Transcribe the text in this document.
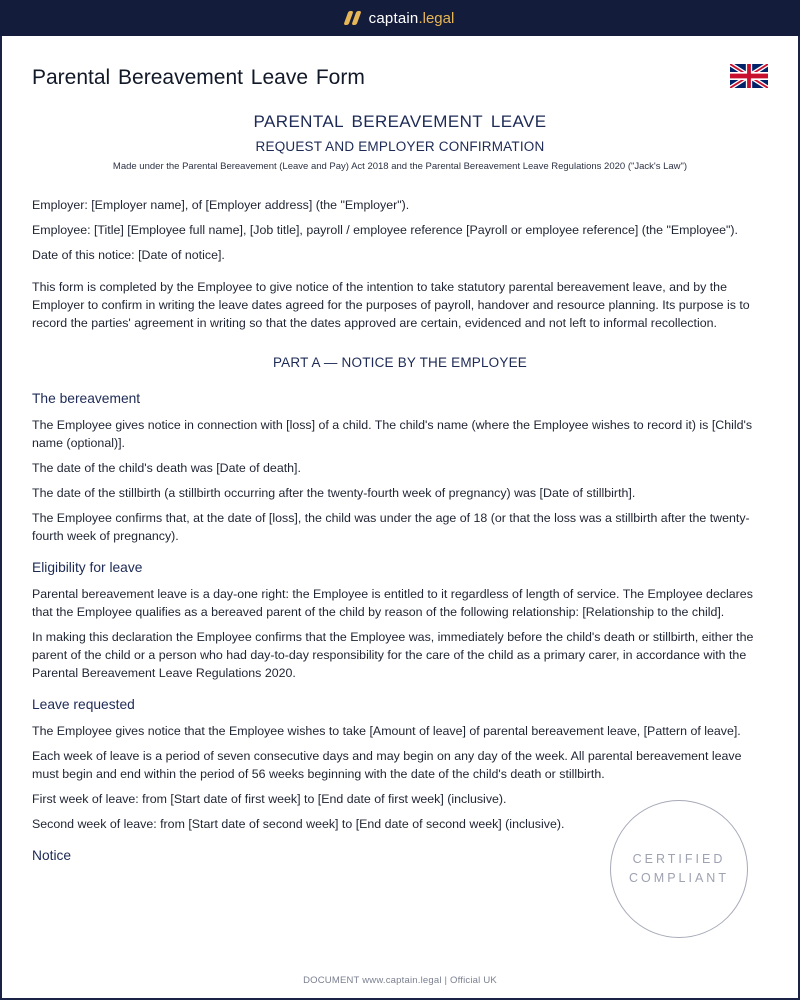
captain.legal
Parental Bereavement Leave Form

PARENTAL BEREAVEMENT LEAVE

REQUEST AND EMPLOYER CONFIRMATION

Made under the Parental Bereavement (Leave and Pay) Act 2018 and the Parental Bereavement Leave Regulations 2020 ("Jack's Law")

Employer: [Employer name], of [Employer address] (the "Employer").

Employee: [Title] [Employee full name], [Job title], payroll / employee reference [Payroll or employee reference] (the "Employee").

Date of this notice: [Date of notice].

This form is completed by the Employee to give notice of the intention to take statutory parental bereavement leave, and by the Employer to confirm in writing the leave dates agreed for the purposes of payroll, handover and resource planning. Its purpose is to record the parties' agreement in writing so that the dates approved are certain, evidenced and not left to informal recollection.

PART A — NOTICE BY THE EMPLOYEE

The bereavement

The Employee gives notice in connection with [loss] of a child. The child's name (where the Employee wishes to record it) is [Child's name (optional)].

The date of the child's death was [Date of death].

The date of the stillbirth (a stillbirth occurring after the twenty-fourth week of pregnancy) was [Date of stillbirth].

The Employee confirms that, at the date of [loss], the child was under the age of 18 (or that the loss was a stillbirth after the twenty-fourth week of pregnancy).

Eligibility for leave

Parental bereavement leave is a day-one right: the Employee is entitled to it regardless of length of service. The Employee declares that the Employee qualifies as a bereaved parent of the child by reason of the following relationship: [Relationship to the child].

In making this declaration the Employee confirms that the Employee was, immediately before the child's death or stillbirth, either the parent of the child or a person who had day-to-day responsibility for the care of the child as a primary carer, in accordance with the Parental Bereavement Leave Regulations 2020.

Leave requested

The Employee gives notice that the Employee wishes to take [Amount of leave] of parental bereavement leave, [Pattern of leave].

Each week of leave is a period of seven consecutive days and may begin on any day of the week. All parental bereavement leave must begin and end within the period of 56 weeks beginning with the date of the child's death or stillbirth.

First week of leave: from [Start date of first week] to [End date of first week] (inclusive).

Second week of leave: from [Start date of second week] to [End date of second week] (inclusive).

Notice	CERTIFIED
COMPLIANT
DOCUMENT www.captain.legal | Official UK
